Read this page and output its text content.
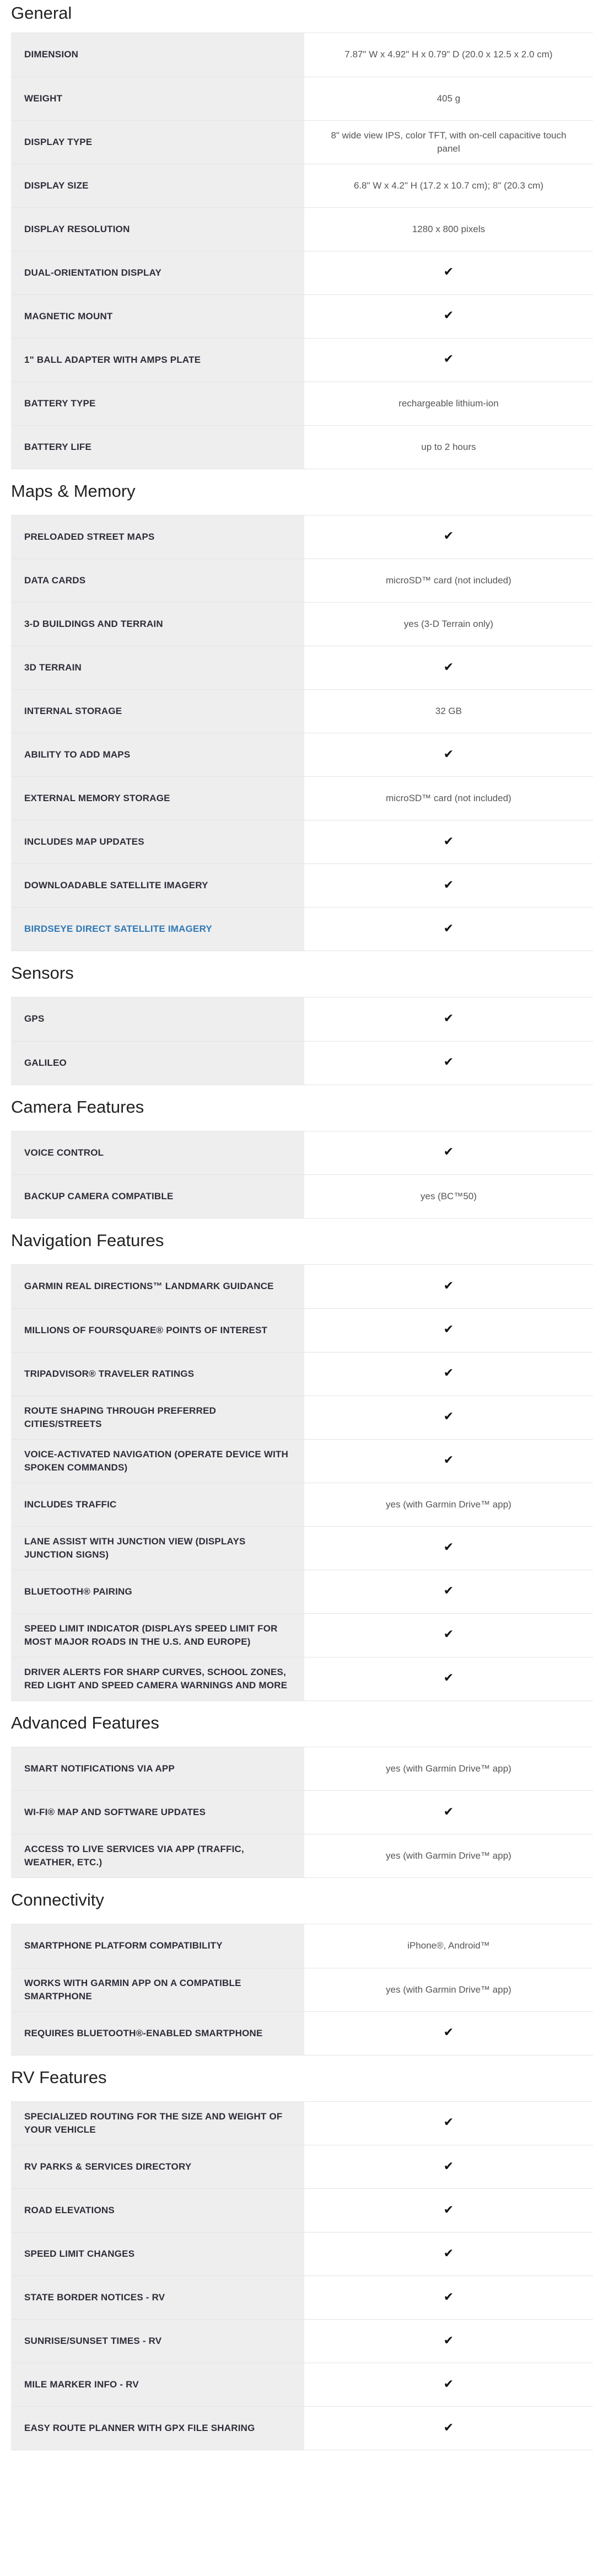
General
DIMENSION	7.87" W x 4.92" H x 0.79" D (20.0 x 12.5 x 2.0 cm)
WEIGHT	405 g
DISPLAY TYPE	8" wide view IPS, color TFT, with on-cell capacitive touch panel
DISPLAY SIZE	6.8" W x 4.2" H (17.2 x 10.7 cm); 8" (20.3 cm)
DISPLAY RESOLUTION	1280 x 800 pixels
DUAL-ORIENTATION DISPLAY	✔
MAGNETIC MOUNT	✔
1" BALL ADAPTER WITH AMPS PLATE	✔
BATTERY TYPE	rechargeable lithium-ion
BATTERY LIFE	up to 2 hours
Maps & Memory
PRELOADED STREET MAPS	✔
DATA CARDS	microSD™ card (not included)
3-D BUILDINGS AND TERRAIN	yes (3-D Terrain only)
3D TERRAIN	✔
INTERNAL STORAGE	32 GB
ABILITY TO ADD MAPS	✔
EXTERNAL MEMORY STORAGE	microSD™ card (not included)
INCLUDES MAP UPDATES	✔
DOWNLOADABLE SATELLITE IMAGERY	✔
BIRDSEYE DIRECT SATELLITE IMAGERY	✔
Sensors
GPS	✔
GALILEO	✔
Camera Features
VOICE CONTROL	✔
BACKUP CAMERA COMPATIBLE	yes (BC™50)
Navigation Features
GARMIN REAL DIRECTIONS™ LANDMARK GUIDANCE	✔
MILLIONS OF FOURSQUARE® POINTS OF INTEREST	✔
TRIPADVISOR® TRAVELER RATINGS	✔
ROUTE SHAPING THROUGH PREFERRED CITIES/STREETS	✔
VOICE-ACTIVATED NAVIGATION (OPERATE DEVICE WITH SPOKEN COMMANDS)	✔
INCLUDES TRAFFIC	yes (with Garmin Drive™ app)
LANE ASSIST WITH JUNCTION VIEW (DISPLAYS JUNCTION SIGNS)	✔
BLUETOOTH® PAIRING	✔
SPEED LIMIT INDICATOR (DISPLAYS SPEED LIMIT FOR MOST MAJOR ROADS IN THE U.S. AND EUROPE)	✔
DRIVER ALERTS FOR SHARP CURVES, SCHOOL ZONES, RED LIGHT AND SPEED CAMERA WARNINGS AND MORE	✔
Advanced Features
SMART NOTIFICATIONS VIA APP	yes (with Garmin Drive™ app)
WI-FI® MAP AND SOFTWARE UPDATES	✔
ACCESS TO LIVE SERVICES VIA APP (TRAFFIC, WEATHER, ETC.)	yes (with Garmin Drive™ app)
Connectivity
SMARTPHONE PLATFORM COMPATIBILITY	iPhone®, Android™
WORKS WITH GARMIN APP ON A COMPATIBLE SMARTPHONE	yes (with Garmin Drive™ app)
REQUIRES BLUETOOTH®-ENABLED SMARTPHONE	✔
RV Features
SPECIALIZED ROUTING FOR THE SIZE AND WEIGHT OF YOUR VEHICLE	✔
RV PARKS & SERVICES DIRECTORY	✔
ROAD ELEVATIONS	✔
SPEED LIMIT CHANGES	✔
STATE BORDER NOTICES - RV	✔
SUNRISE/SUNSET TIMES - RV	✔
MILE MARKER INFO - RV	✔
EASY ROUTE PLANNER WITH GPX FILE SHARING	✔
